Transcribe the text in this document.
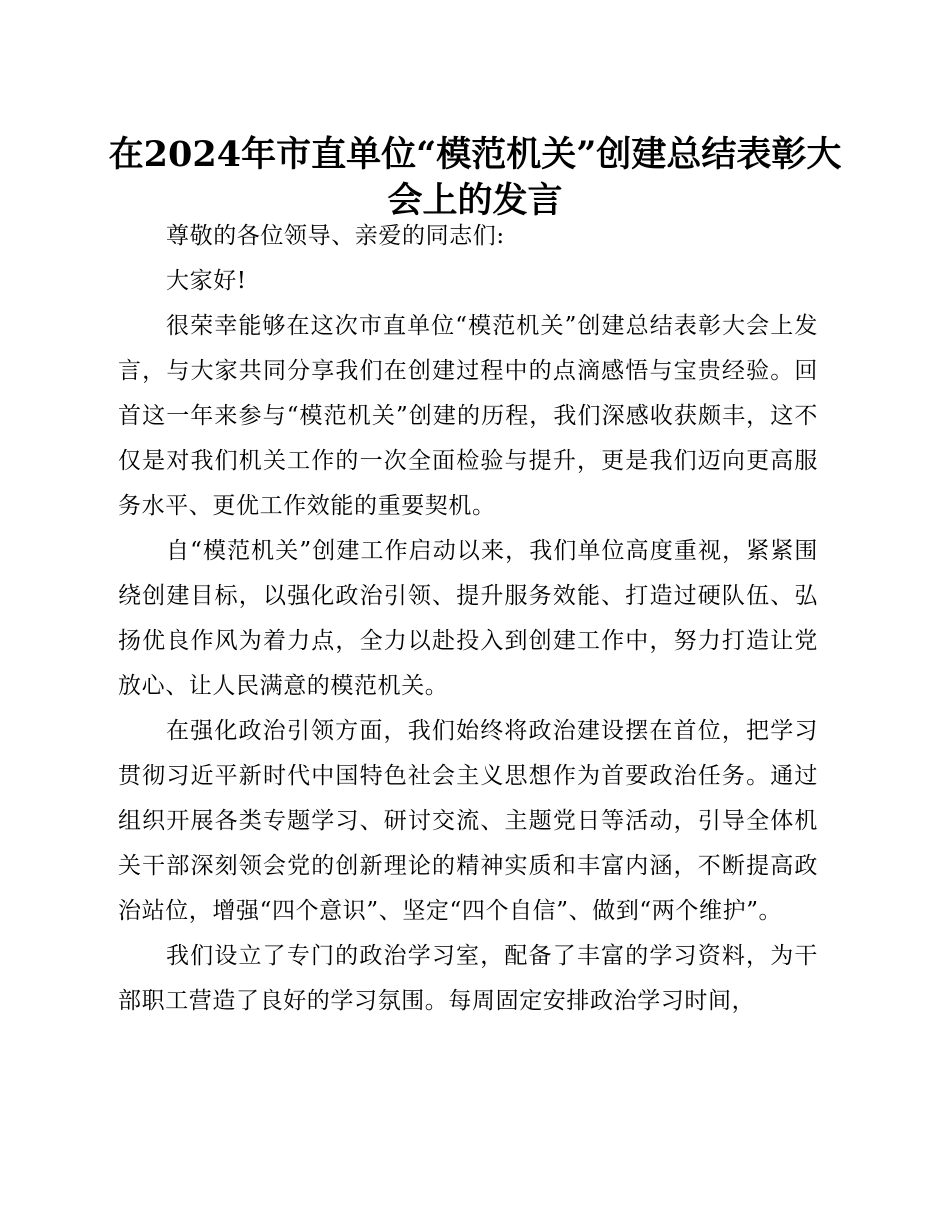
在2024年市直单位“模范机关”创建总结表彰大会上的发言

尊敬的各位领导、亲爱的同志们:

大家好!

很荣幸能够在这次市直单位“模范机关”创建总结表彰大会上发言，与大家共同分享我们在创建过程中的点滴感悟与宝贵经验。回首这一年来参与“模范机关”创建的历程，我们深感收获颇丰，这不仅是对我们机关工作的一次全面检验与提升，更是我们迈向更高服务水平、更优工作效能的重要契机。

自“模范机关”创建工作启动以来，我们单位高度重视，紧紧围绕创建目标，以强化政治引领、提升服务效能、打造过硬队伍、弘扬优良作风为着力点，全力以赴投入到创建工作中，努力打造让党放心、让人民满意的模范机关。

在强化政治引领方面，我们始终将政治建设摆在首位，把学习贯彻习近平新时代中国特色社会主义思想作为首要政治任务。通过组织开展各类专题学习、研讨交流、主题党日等活动，引导全体机关干部深刻领会党的创新理论的精神实质和丰富内涵，不断提高政治站位，增强“四个意识”、坚定“四个自信”、做到“两个维护”。

我们设立了专门的政治学习室，配备了丰富的学习资料，为干部职工营造了良好的学习氛围。每周固定安排政治学习时间，
